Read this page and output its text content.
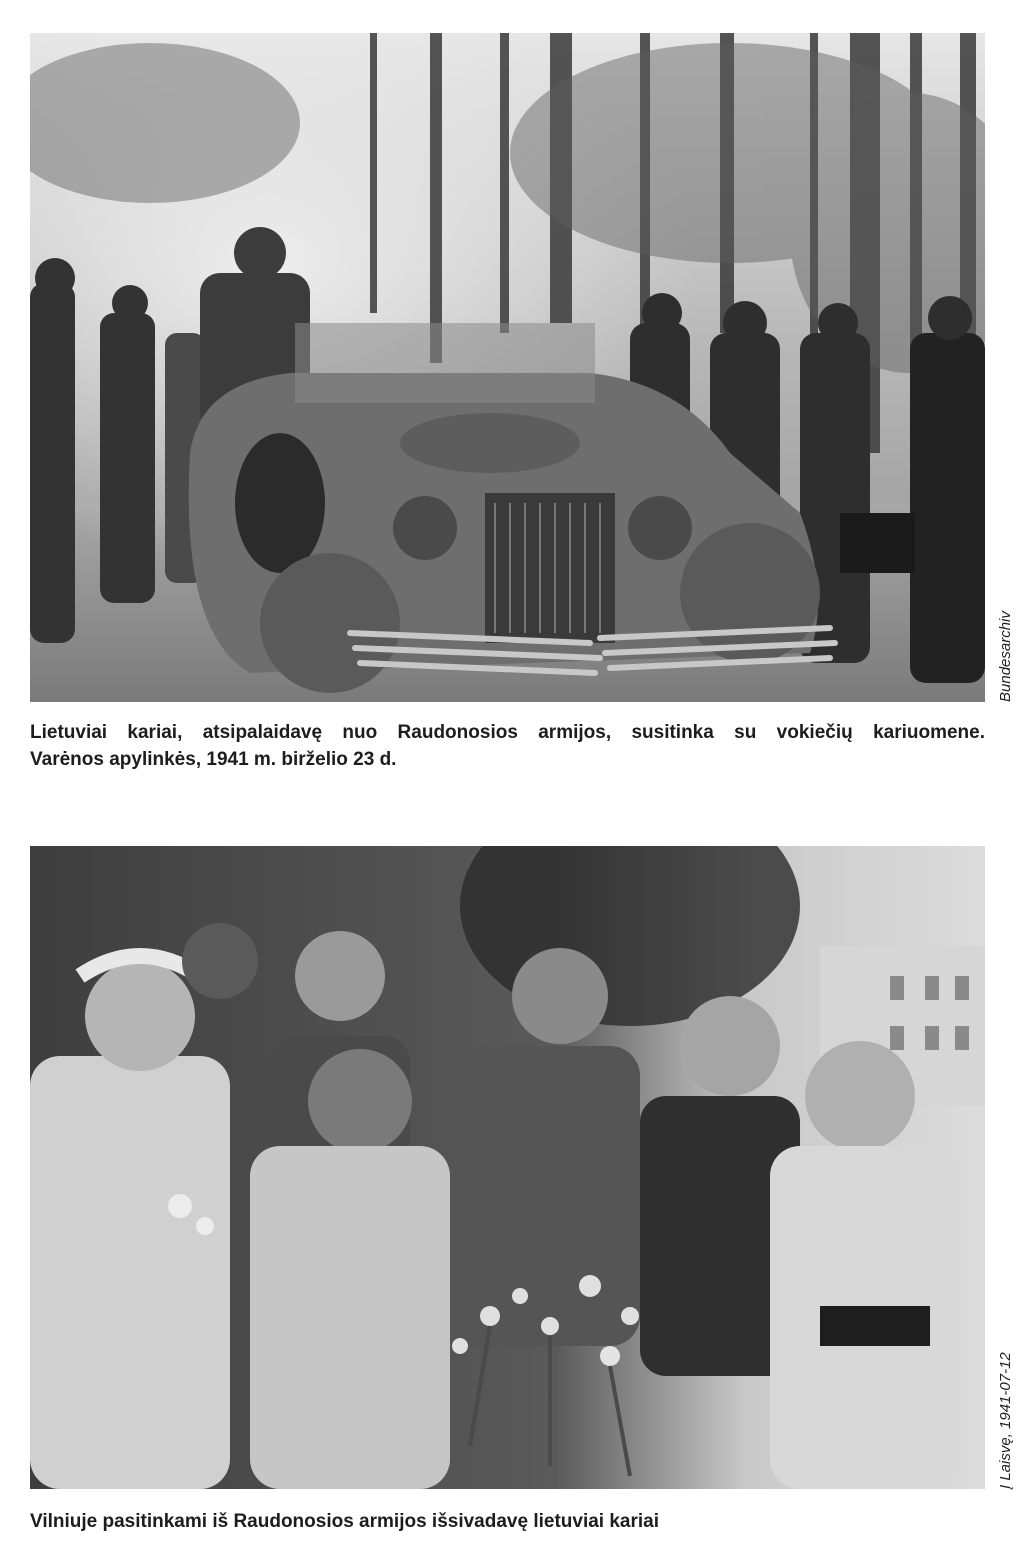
Bundesarchiv
Lietuviai kariai, atsipalaidavę nuo Raudonosios armijos, susitinka su vokiečių kariuomene.
Varėnos apylinkės, 1941 m. birželio 23 d.
Į Laisvę, 1941-07-12
Vilniuje pasitinkami iš Raudonosios armijos išsivadavę lietuviai kariai
